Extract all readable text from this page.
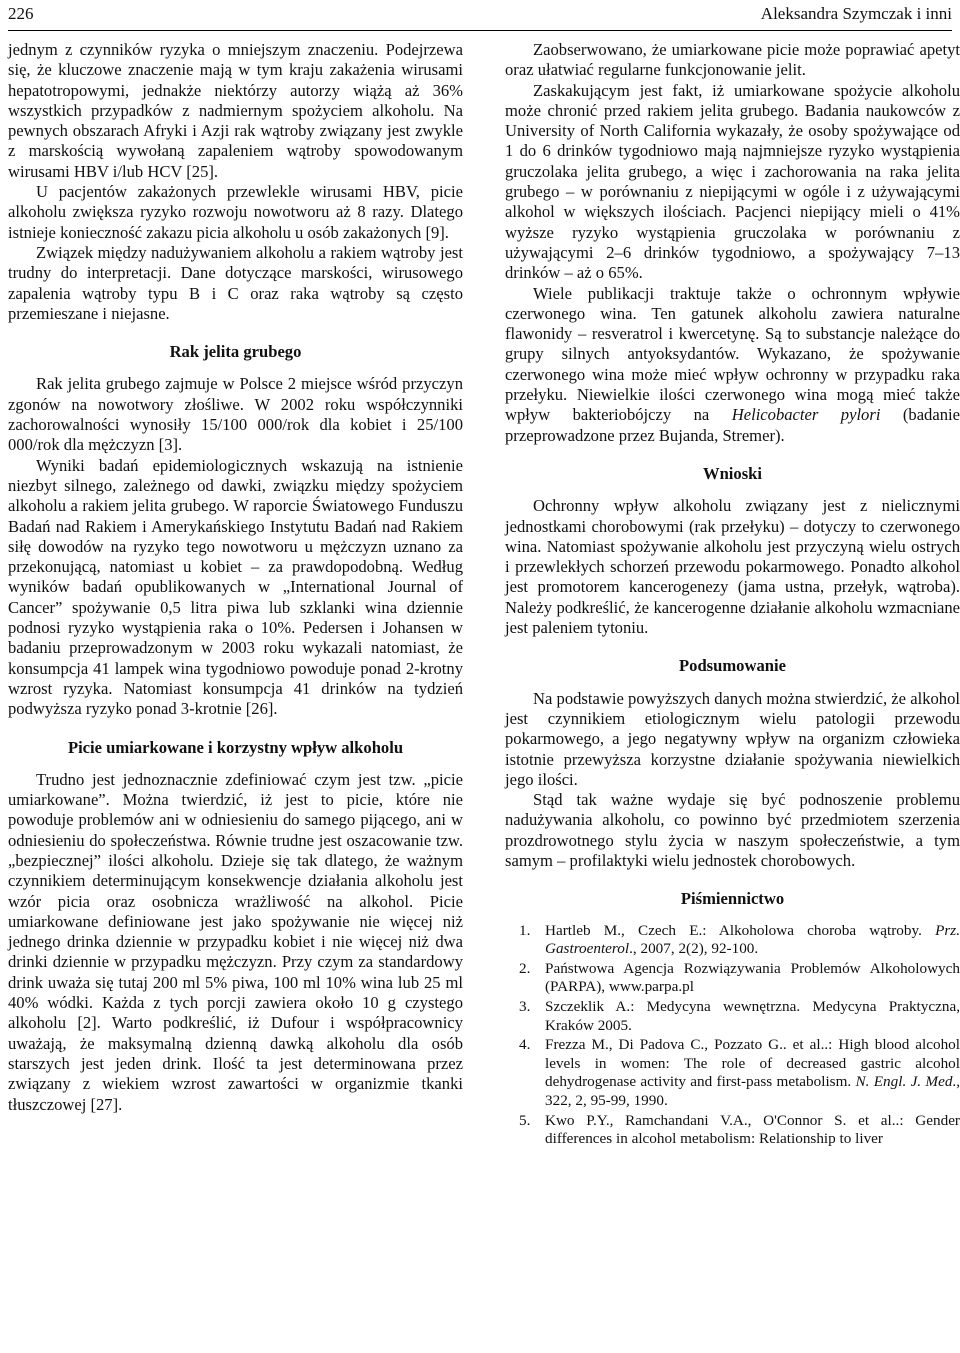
226	Aleksandra Szymczak i inni

jednym z czynników ryzyka o mniejszym znaczeniu. Podejrzewa się, że kluczowe znaczenie mają w tym kraju zakażenia wirusami hepatotropowymi, jednakże niektórzy autorzy wiążą aż 36% wszystkich przypadków z nadmiernym spożyciem alkoholu. Na pewnych obszarach Afryki i Azji rak wątroby związany jest zwykle z marskością wywołaną zapaleniem wątroby spowodowanym wirusami HBV i/lub HCV [25].

U pacjentów zakażonych przewlekle wirusami HBV, picie alkoholu zwiększa ryzyko rozwoju nowotworu aż 8 razy. Dlatego istnieje konieczność zakazu picia alkoholu u osób zakażonych [9].

Związek między nadużywaniem alkoholu a rakiem wątroby jest trudny do interpretacji. Dane dotyczące marskości, wirusowego zapalenia wątroby typu B i C oraz raka wątroby są często przemieszane i niejasne.

Rak jelita grubego

Rak jelita grubego zajmuje w Polsce 2 miejsce wśród przyczyn zgonów na nowotwory złośliwe. W 2002 roku współczynniki zachorowalności wynosiły 15/100 000/rok dla kobiet i 25/100 000/rok dla mężczyzn [3].

Wyniki badań epidemiologicznych wskazują na istnienie niezbyt silnego, zależnego od dawki, związku między spożyciem alkoholu a rakiem jelita grubego. W raporcie Światowego Funduszu Badań nad Rakiem i Amerykańskiego Instytutu Badań nad Rakiem siłę dowodów na ryzyko tego nowotworu u mężczyzn uznano za przekonującą, natomiast u kobiet – za prawdopodobną. Według wyników badań opublikowanych w „International Journal of Cancer” spożywanie 0,5 litra piwa lub szklanki wina dziennie podnosi ryzyko wystąpienia raka o 10%. Pedersen i Johansen w badaniu przeprowadzonym w 2003 roku wykazali natomiast, że konsumpcja 41 lampek wina tygodniowo powoduje ponad 2-krotny wzrost ryzyka. Natomiast konsumpcja 41 drinków na tydzień podwyższa ryzyko ponad 3-krotnie [26].

Picie umiarkowane i korzystny wpływ alkoholu

Trudno jest jednoznacznie zdefiniować czym jest tzw. „picie umiarkowane”. Można twierdzić, iż jest to picie, które nie powoduje problemów ani w odniesieniu do samego pijącego, ani w odniesieniu do społeczeństwa. Równie trudne jest oszacowanie tzw. „bezpiecznej” ilości alkoholu. Dzieje się tak dlatego, że ważnym czynnikiem determinującym konsekwencje działania alkoholu jest wzór picia oraz osobnicza wrażliwość na alkohol. Picie umiarkowane definiowane jest jako spożywanie nie więcej niż jednego drinka dziennie w przypadku kobiet i nie więcej niż dwa drinki dziennie w przypadku mężczyzn. Przy czym za standardowy drink uważa się tutaj 200 ml 5% piwa, 100 ml 10% wina lub 25 ml 40% wódki. Każda z tych porcji zawiera około 10 g czystego alkoholu [2]. Warto podkreślić, iż Dufour i współpracownicy uważają, że maksymalną dzienną dawką alkoholu dla osób starszych jest jeden drink. Ilość ta jest determinowana przez związany z wiekiem wzrost zawartości w organizmie tkanki tłuszczowej [27].

Zaobserwowano, że umiarkowane picie może poprawiać apetyt oraz ułatwiać regularne funkcjonowanie jelit.

Zaskakującym jest fakt, iż umiarkowane spożycie alkoholu może chronić przed rakiem jelita grubego. Badania naukowców z University of North California wykazały, że osoby spożywające od 1 do 6 drinków tygodniowo mają najmniejsze ryzyko wystąpienia gruczolaka jelita grubego, a więc i zachorowania na raka jelita grubego – w porównaniu z niepijącymi w ogóle i z używającymi alkohol w większych ilościach. Pacjenci niepijący mieli o 41% wyższe ryzyko wystąpienia gruczolaka w porównaniu z używającymi 2–6 drinków tygodniowo, a spożywający 7–13 drinków – aż o 65%.

Wiele publikacji traktuje także o ochronnym wpływie czerwonego wina. Ten gatunek alkoholu zawiera naturalne flawonidy – resveratrol i kwercetynę. Są to substancje należące do grupy silnych antyoksydantów. Wykazano, że spożywanie czerwonego wina może mieć wpływ ochronny w przypadku raka przełyku. Niewielkie ilości czerwonego wina mogą mieć także wpływ bakteriobójczy na Helicobacter pylori (badanie przeprowadzone przez Bujanda, Stremer).

Wnioski

Ochronny wpływ alkoholu związany jest z nielicznymi jednostkami chorobowymi (rak przełyku) – dotyczy to czerwonego wina. Natomiast spożywanie alkoholu jest przyczyną wielu ostrych i przewlekłych schorzeń przewodu pokarmowego. Ponadto alkohol jest promotorem kancerogenezy (jama ustna, przełyk, wątroba). Należy podkreślić, że kancerogenne działanie alkoholu wzmacniane jest paleniem tytoniu.

Podsumowanie

Na podstawie powyższych danych można stwierdzić, że alkohol jest czynnikiem etiologicznym wielu patologii przewodu pokarmowego, a jego negatywny wpływ na organizm człowieka istotnie przewyższa korzystne działanie spożywania niewielkich jego ilości.

Stąd tak ważne wydaje się być podnoszenie problemu nadużywania alkoholu, co powinno być przedmiotem szerzenia prozdrowotnego stylu życia w naszym społeczeństwie, a tym samym – profilaktyki wielu jednostek chorobowych.

Piśmiennictwo
1. Hartleb M., Czech E.: Alkoholowa choroba wątroby. Prz. Gastroenterol., 2007, 2(2), 92-100.
2. Państwowa Agencja Rozwiązywania Problemów Alkoholowych (PARPA), www.parpa.pl
3. Szczeklik A.: Medycyna wewnętrzna. Medycyna Praktyczna, Kraków 2005.
4. Frezza M., Di Padova C., Pozzato G.. et al..: High blood alcohol levels in women: The role of decreased gastric alcohol dehydrogenase activity and first-pass metabolism. N. Engl. J. Med., 322, 2, 95-99, 1990.
5. Kwo P.Y., Ramchandani V.A., O'Connor S. et al..: Gender differences in alcohol metabolism: Relationship to liver
